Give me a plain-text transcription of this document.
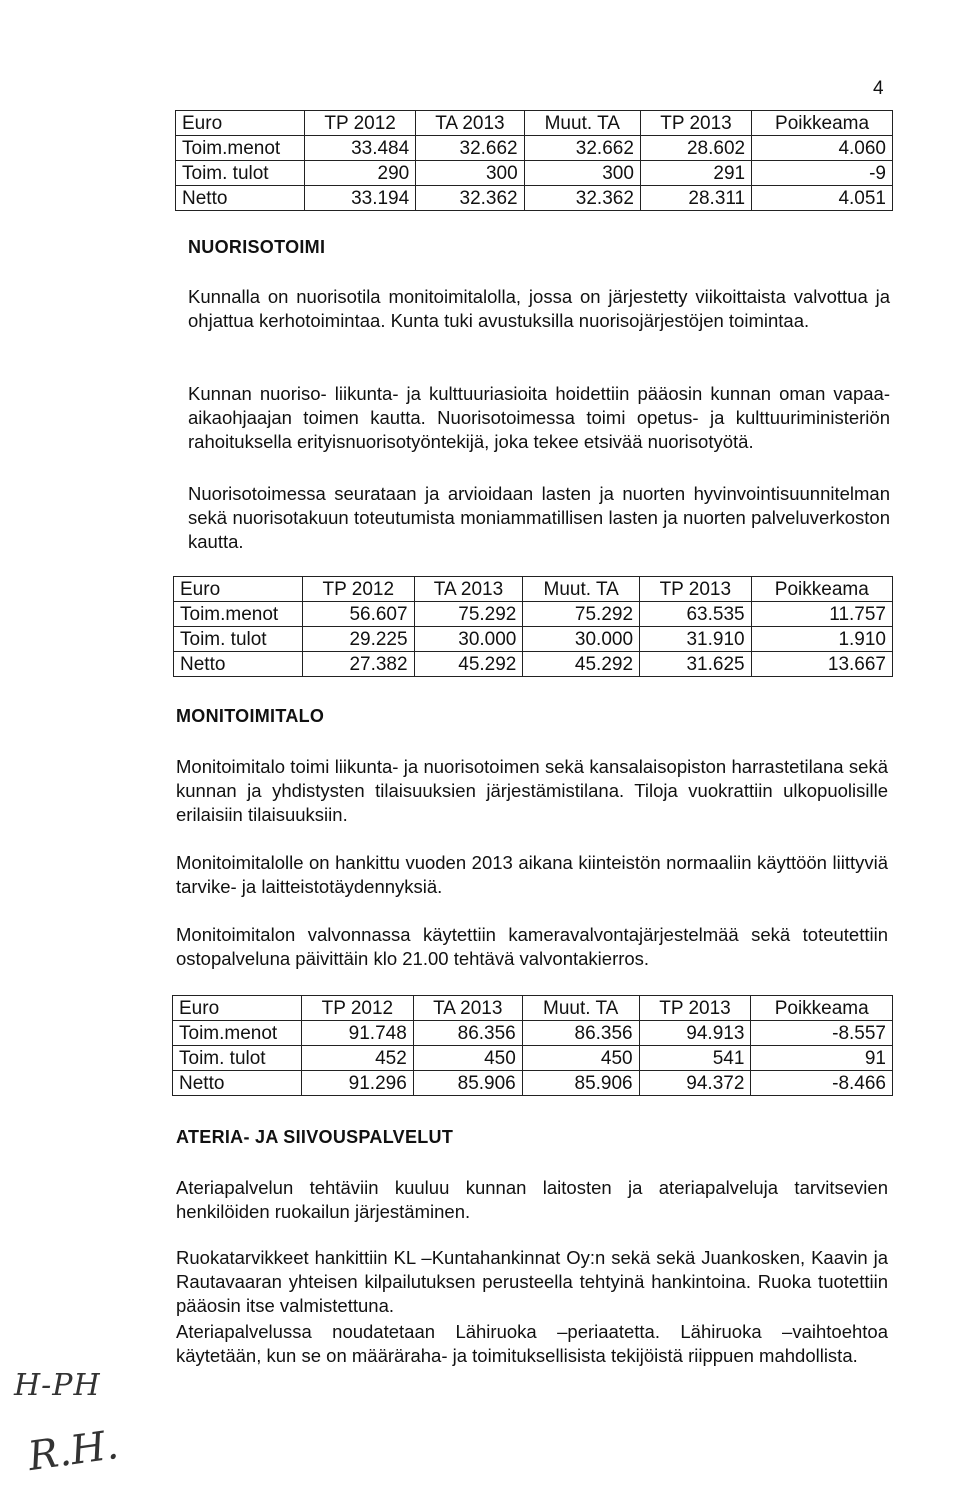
4
Euro	TP 2012	TA 2013	Muut. TA	TP 2013	Poikkeama
Toim.menot	33.484	32.662	32.662	28.602	4.060
Toim. tulot	290	300	300	291	-9
Netto	33.194	32.362	32.362	28.311	4.051
NUORISOTOIMI

Kunnalla on nuorisotila monitoimitalolla, jossa on järjestetty viikoittaista valvottua ja ohjattua kerhotoimintaa. Kunta tuki avustuksilla nuorisojärjestöjen toimintaa.

Kunnan nuoriso- liikunta- ja kulttuuriasioita hoidettiin pääosin kunnan oman vapaa-aikaohjaajan toimen kautta. Nuorisotoimessa toimi opetus- ja kulttuuriministeriön rahoituksella erityisnuorisotyöntekijä, joka tekee etsivää nuorisotyötä.

Nuorisotoimessa seurataan ja arvioidaan lasten ja nuorten hyvinvointisuunnitelman sekä nuorisotakuun toteutumista moniammatillisen lasten ja nuorten palveluverkoston kautta.

Euro	TP 2012	TA 2013	Muut. TA	TP 2013	Poikkeama
Toim.menot	56.607	75.292	75.292	63.535	11.757
Toim. tulot	29.225	30.000	30.000	31.910	1.910
Netto	27.382	45.292	45.292	31.625	13.667
MONITOIMITALO

Monitoimitalo toimi liikunta- ja nuorisotoimen sekä kansalaisopiston harrastetilana sekä kunnan ja yhdistysten tilaisuuksien järjestämistilana. Tiloja vuokrattiin ulkopuolisille erilaisiin tilaisuuksiin.

Monitoimitalolle on hankittu vuoden 2013 aikana kiinteistön normaaliin käyttöön liittyviä tarvike- ja laitteistotäydennyksiä.

Monitoimitalon valvonnassa käytettiin kameravalvontajärjestelmää sekä toteutettiin ostopalveluna päivittäin klo 21.00 tehtävä valvontakierros.

Euro	TP 2012	TA 2013	Muut. TA	TP 2013	Poikkeama
Toim.menot	91.748	86.356	86.356	94.913	-8.557
Toim. tulot	452	450	450	541	91
Netto	91.296	85.906	85.906	94.372	-8.466
ATERIA- JA SIIVOUSPALVELUT

Ateriapalvelun tehtäviin kuuluu kunnan laitosten ja ateriapalveluja tarvitsevien henkilöiden ruokailun järjestäminen.

Ruokatarvikkeet hankittiin KL –Kuntahankinnat Oy:n sekä sekä Juankosken, Kaavin ja Rautavaaran yhteisen kilpailutuksen perusteella tehtyinä hankintoina. Ruoka tuotettiin pääosin itse valmistettuna.

Ateriapalvelussa noudatetaan Lähiruoka –periaatetta. Lähiruoka –vaihtoehtoa käytetään, kun se on määräraha- ja toimituksellisista tekijöistä riippuen mahdollista.

H-PH
R.H.
